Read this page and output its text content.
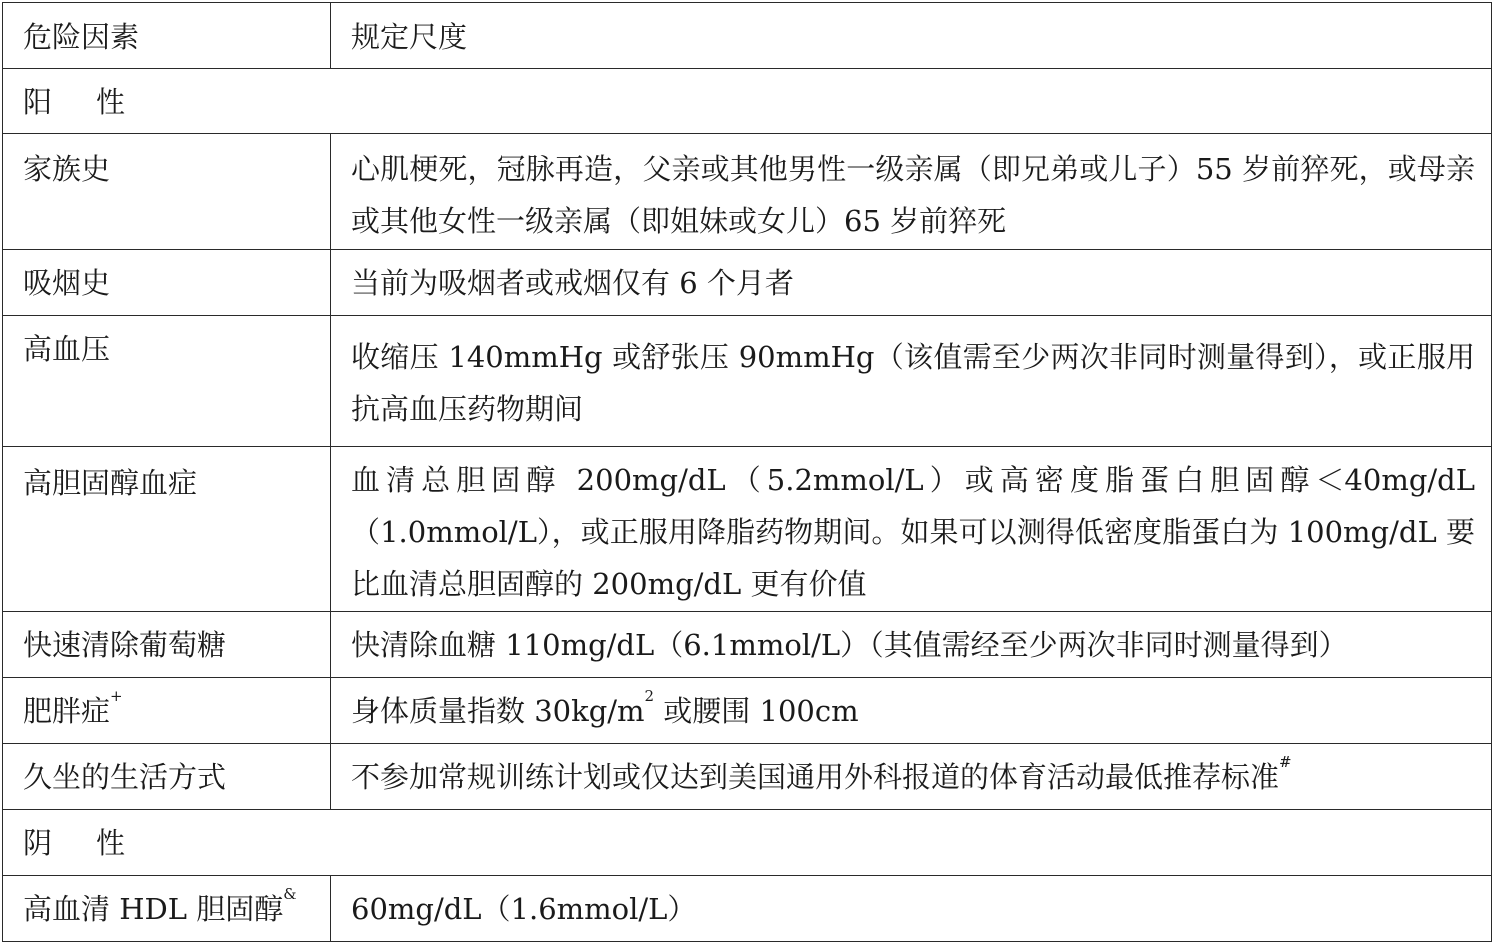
危险因素	规定尺度

阳 性	

家族史	心肌梗死，冠脉再造，父亲或其他男性一级亲属（即兄弟或儿子）55 岁前猝死，或母亲或其他女性一级亲属（即姐妹或女儿）65 岁前猝死

吸烟史	当前为吸烟者或戒烟仅有 6 个月者

高血压	收缩压 140mmHg 或舒张压 90mmHg（该值需至少两次非同时测量得到），或正服用抗高血压药物期间

高胆固醇血症	血清总胆固醇 200mg/dL（5.2mmol/L）或高密度脂蛋白胆固醇＜40mg/dL（1.0mmol/L），或正服用降脂药物期间。如果可以测得低密度脂蛋白为 100mg/dL 要比血清总胆固醇的 200mg/dL 更有价值

快速清除葡萄糖	快清除血糖 110mg/dL（6.1mmol/L）（其值需经至少两次非同时测量得到）

肥胖症+	身体质量指数 $30kg/m^2$ 或腰围 100cm

久坐的生活方式	不参加常规训练计划或仅达到美国通用外科报道的体育活动最低推荐标准#

阴 性	

高血清 HDL 胆固醇&	60mg/dL（1.6mmol/L）
